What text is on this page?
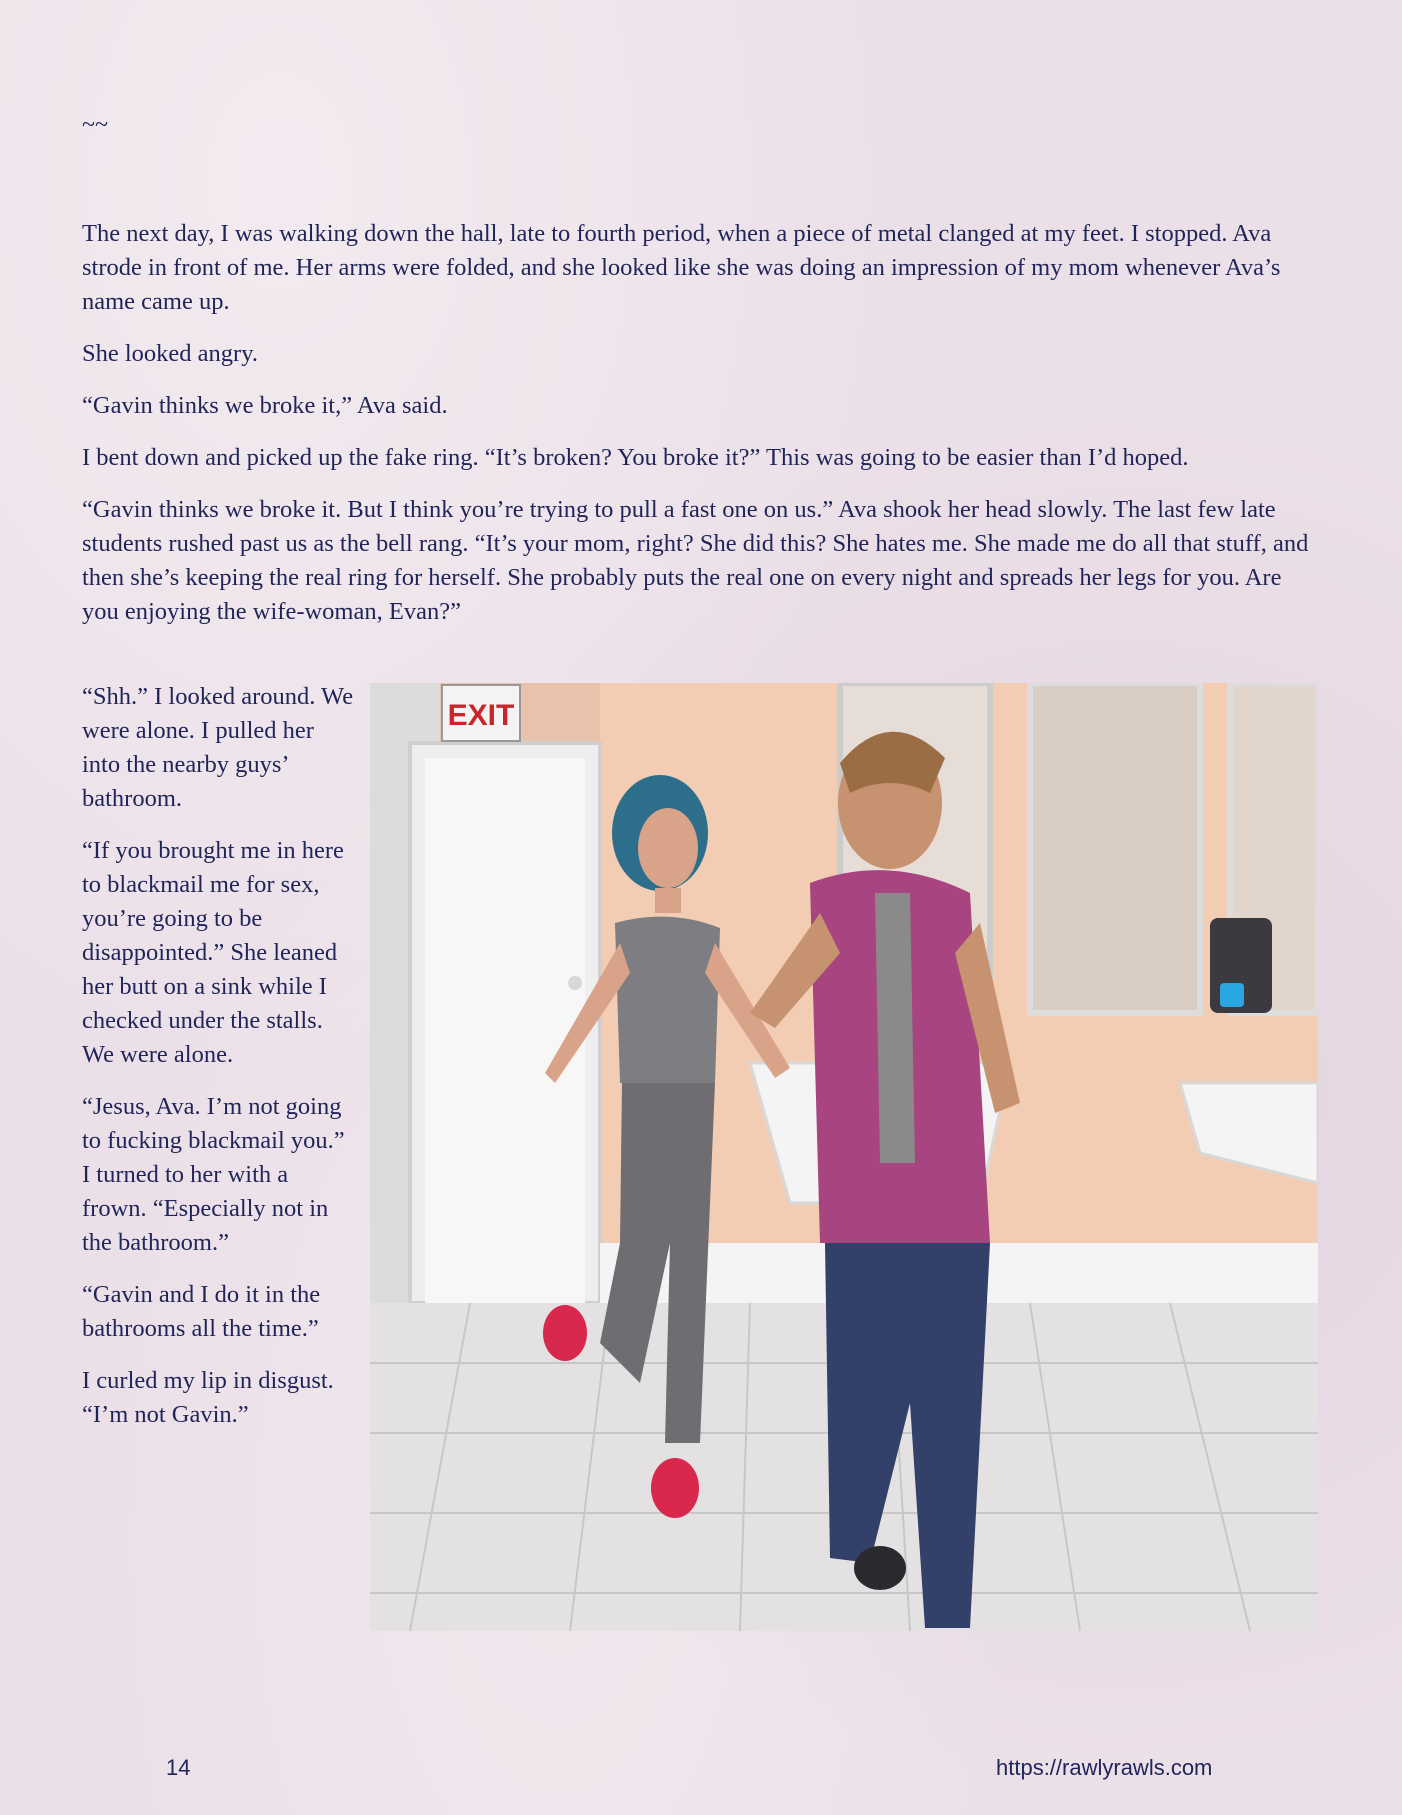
~~

The next day, I was walking down the hall, late to fourth period, when a piece of metal clanged at my feet. I stopped. Ava strode in front of me. Her arms were folded, and she looked like she was doing an impression of my mom whenever Ava’s name came up.

She looked angry.

“Gavin thinks we broke it,” Ava said.

I bent down and picked up the fake ring. “It’s broken? You broke it?” This was going to be easier than I’d hoped.

“Gavin thinks we broke it. But I think you’re trying to pull a fast one on us.” Ava shook her head slowly. The last few late students rushed past us as the bell rang. “It’s your mom, right? She did this? She hates me. She made me do all that stuff, and then she’s keeping the real ring for herself. She probably puts the real one on every night and spreads her legs for you. Are you enjoying the wife-woman, Evan?”

“Shh.” I looked around. We were alone. I pulled her into the nearby guys’ bathroom.

“If you brought me in here to blackmail me for sex, you’re going to be disappointed.” She leaned her butt on a sink while I checked under the stalls. We were alone.

“Jesus, Ava. I’m not going to fucking blackmail you.” I turned to her with a frown. “Especially not in the bathroom.”

“Gavin and I do it in the bathrooms all the time.”

I curled my lip in disgust. “I’m not Gavin.”

EXIT
14	https://rawlyrawls.com
